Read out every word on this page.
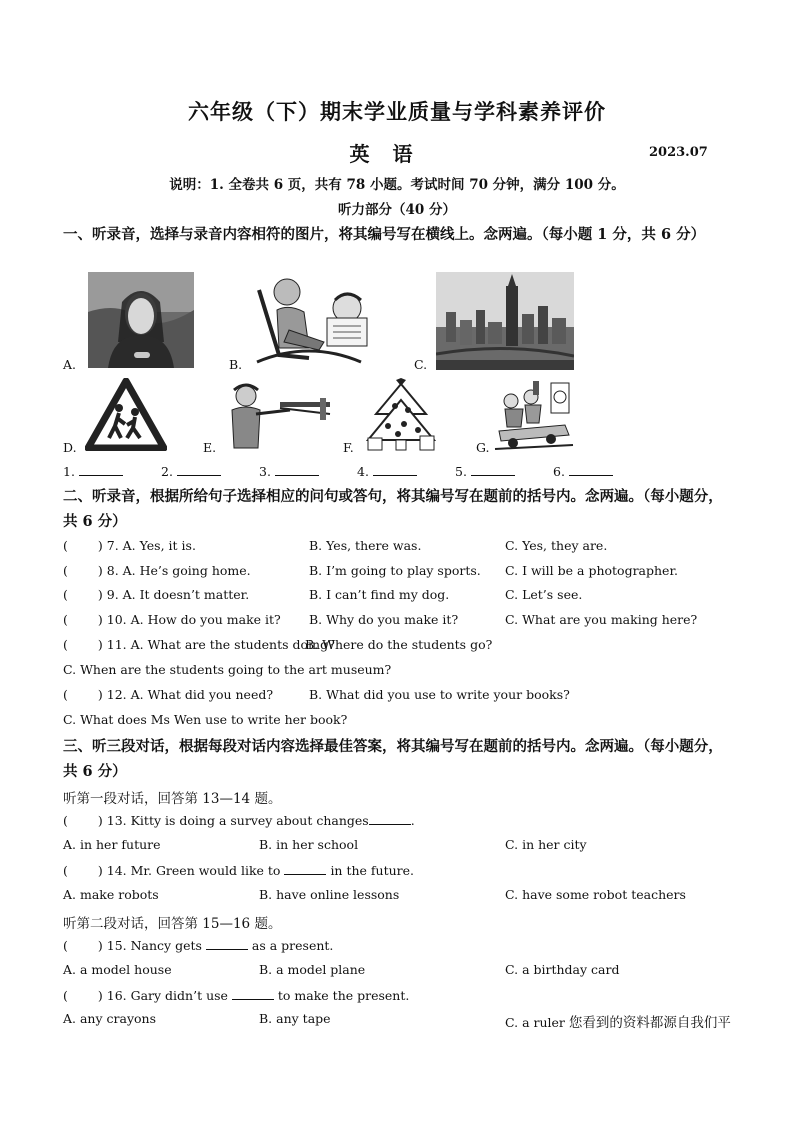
六年级（下）期末学业质量与学科素养评价
英 语	2023.07
说明：1. 全卷共 6 页，共有 78 小题。考试时间 70 分钟，满分 100 分。
听力部分（40 分）
一、听录音，选择与录音内容相符的图片，将其编号写在横线上。念两遍。（每小题 1 分，共 6 分）
A.	B.	C.
D.	E.	F.	G.
1.	2.	3.	4.	5.	6.
二、听录音，根据所给句子选择相应的问句或答句，将其编号写在题前的括号内。念两遍。（每小题分，共 6 分）
( ) 7. A. Yes, it is.	B. Yes, there was.	C. Yes, they are.
( ) 8. A. He’s going home.	B. I’m going to play sports. C. I will be a photographer.
( ) 9. A. It doesn’t matter.	B. I can’t find my dog.	C. Let’s see.
( ) 10. A. How do you make it? B. Why do you make it?	C. What are you making here?
( ) 11. A. What are the students doing?
B. Where do the students go?
C. When are the students going to the art museum?
( ) 12. A. What did you need?	B. What did you use to write your books?
C. What does Ms Wen use to write her book?
三、听三段对话，根据每段对话内容选择最佳答案，将其编号写在题前的括号内。念两遍。（每小题分，共 6 分）
听第一段对话，回答第 13—14 题。
( ) 13. Kitty is doing a survey about changes	.
A. in her future	B. in her school	C. in her city
( ) 14. Mr. Green would like to	in the future.
A. make robots	B. have online lessons	C. have some robot teachers
听第二段对话，回答第 15—16 题。
( ) 15. Nancy gets	as a present.
A. a model house	B. a model plane	C. a birthday card
( ) 16. Gary didn’t use	to make the present.
A. any crayons	B. any tape	C. a ruler 您看到的资料都源自我们平
